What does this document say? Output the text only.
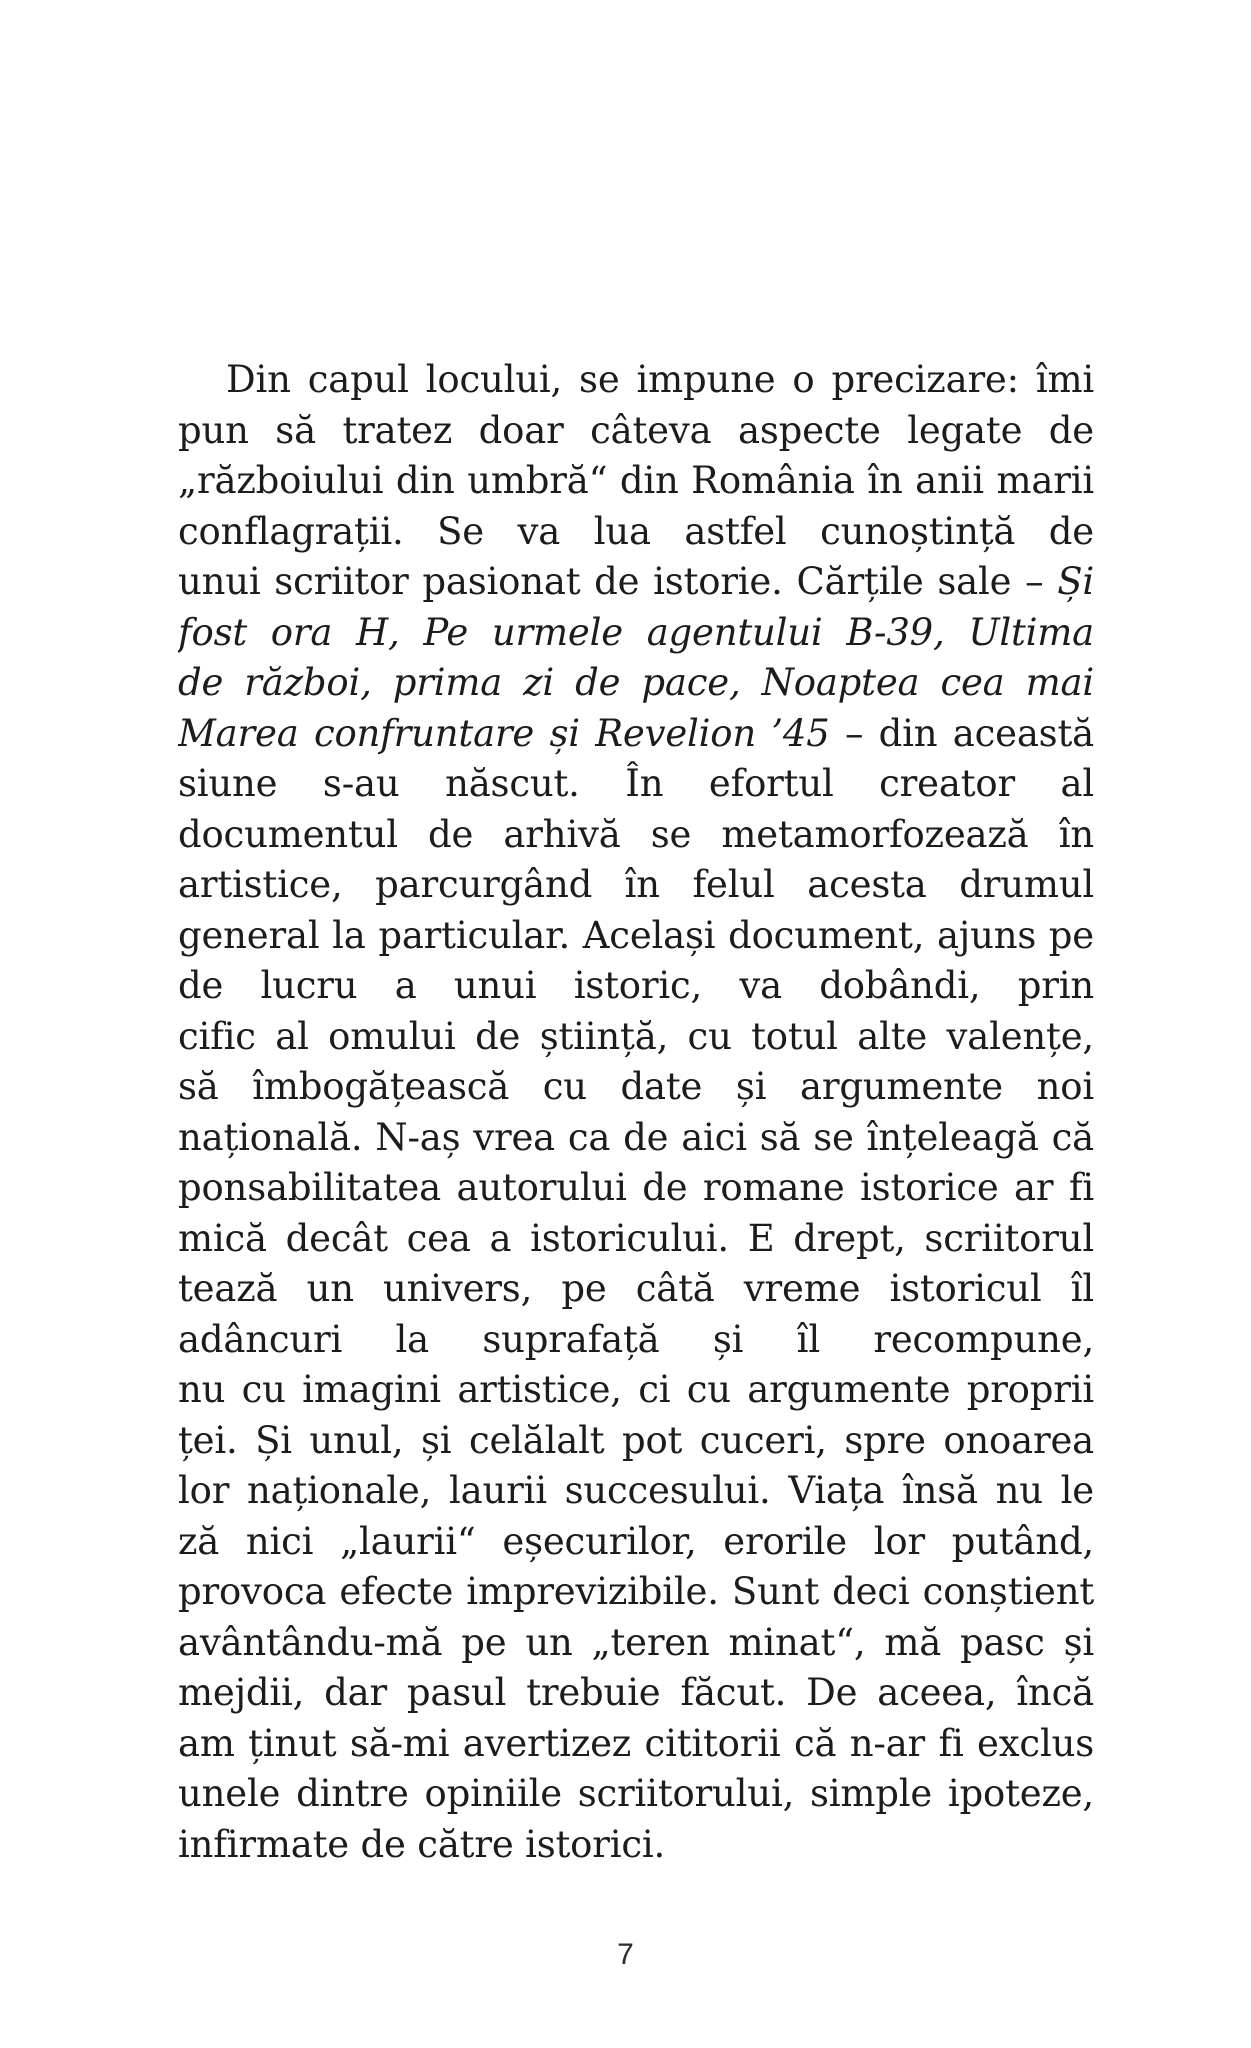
Din capul locului, se impune o precizare: îmi
pun să tratez doar câteva aspecte legate de
„războiului din umbră“ din România în anii marii
conflagrații. Se va lua astfel cunoștință de
unui scriitor pasionat de istorie. Cărțile sale – Și
fost ora H, Pe urmele agentului B-39, Ultima
de război, prima zi de pace, Noaptea cea mai
Marea confruntare și Revelion ’45 – din această
siune s-au născut. În efortul creator al
documentul de arhivă se metamorfozează în
artistice, parcurgând în felul acesta drumul
general la particular. Același document, ajuns pe
de lucru a unui istoric, va dobândi, prin
cific al omului de știință, cu totul alte valențe,
să îmbogățească cu date și argumente noi
națională. N-aș vrea ca de aici să se înțeleagă că
ponsabilitatea autorului de romane istorice ar fi
mică decât cea a istoricului. E drept, scriitorul
tează un univers, pe câtă vreme istoricul îl
adâncuri la suprafață și îl recompune,
nu cu imagini artistice, ci cu argumente proprii
ței. Și unul, și celălalt pot cuceri, spre onoarea
lor naționale, laurii succesului. Viața însă nu le
ză nici „laurii“ eșecurilor, erorile lor putând,
provoca efecte imprevizibile. Sunt deci conștient
avântându-mă pe un „teren minat“, mă pasc și
mejdii, dar pasul trebuie făcut. De aceea, încă
am ținut să-mi avertizez cititorii că n-ar fi exclus
unele dintre opiniile scriitorului, simple ipoteze,
infirmate de către istorici.
7
